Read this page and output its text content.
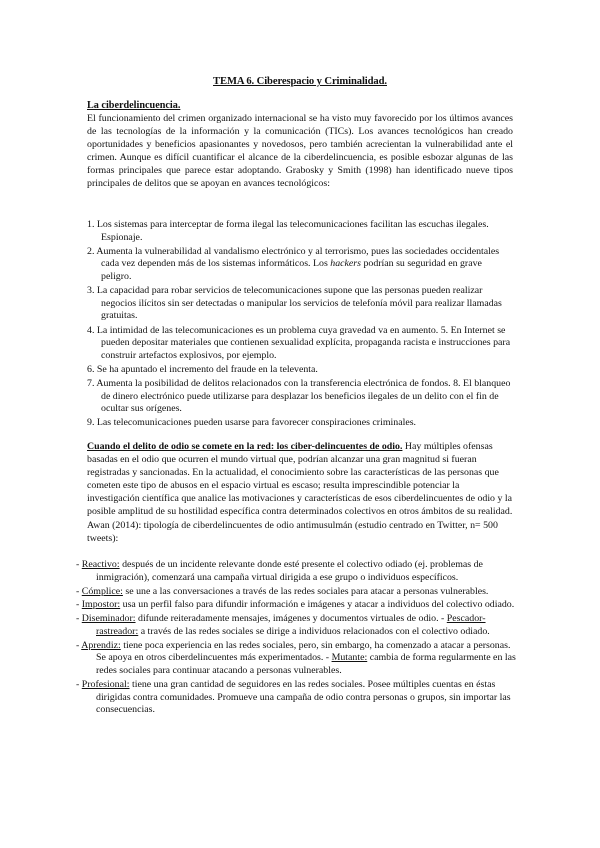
TEMA 6. Ciberespacio y Criminalidad.
La ciberdelincuencia.
El funcionamiento del crimen organizado internacional se ha visto muy favorecido por los últimos avances de las tecnologías de la información y la comunicación (TICs). Los avances tecnológicos han creado oportunidades y beneficios apasionantes y novedosos, pero también acrecientan la vulnerabilidad ante el crimen. Aunque es difícil cuantificar el alcance de la ciberdelincuencia, es posible esbozar algunas de las formas principales que parece estar adoptando. Grabosky y Smith (1998) han identificado nueve tipos principales de delitos que se apoyan en avances tecnológicos:
1. Los sistemas para interceptar de forma ilegal las telecomunicaciones facilitan las escuchas ilegales. Espionaje.
2. Aumenta la vulnerabilidad al vandalismo electrónico y al terrorismo, pues las sociedades occidentales cada vez dependen más de los sistemas informáticos. Los hackers podrían su seguridad en grave peligro.
3. La capacidad para robar servicios de telecomunicaciones supone que las personas pueden realizar negocios ilícitos sin ser detectadas o manipular los servicios de telefonía móvil para realizar llamadas gratuitas.
4. La intimidad de las telecomunicaciones es un problema cuya gravedad va en aumento. 5. En Internet se pueden depositar materiales que contienen sexualidad explícita, propaganda racista e instrucciones para construir artefactos explosivos, por ejemplo.
6. Se ha apuntado el incremento del fraude en la televenta.
7. Aumenta la posibilidad de delitos relacionados con la transferencia electrónica de fondos. 8. El blanqueo de dinero electrónico puede utilizarse para desplazar los beneficios ilegales de un delito con el fin de ocultar sus orígenes.
9. Las telecomunicaciones pueden usarse para favorecer conspiraciones criminales.
Cuando el delito de odio se comete en la red: los ciber-delincuentes de odio. Hay múltiples ofensas basadas en el odio que ocurren el mundo virtual que, podrían alcanzar una gran magnitud si fueran registradas y sancionadas. En la actualidad, el conocimiento sobre las características de las personas que cometen este tipo de abusos en el espacio virtual es escaso; resulta imprescindible potenciar la investigación científica que analice las motivaciones y características de esos ciberdelincuentes de odio y la posible amplitud de su hostilidad específica contra determinados colectivos en otros ámbitos de su realidad. Awan (2014): tipología de ciberdelincuentes de odio antimusulmán (estudio centrado en Twitter, n= 500 tweets):
- Reactivo: después de un incidente relevante donde esté presente el colectivo odiado (ej. problemas de inmigración), comenzará una campaña virtual dirigida a ese grupo o individuos específicos.
- Cómplice: se une a las conversaciones a través de las redes sociales para atacar a personas vulnerables.
- Impostor: usa un perfil falso para difundir información e imágenes y atacar a individuos del colectivo odiado.
- Diseminador: difunde reiteradamente mensajes, imágenes y documentos virtuales de odio. - Pescador-rastreador: a través de las redes sociales se dirige a individuos relacionados con el colectivo odiado.
- Aprendiz: tiene poca experiencia en las redes sociales, pero, sin embargo, ha comenzado a atacar a personas. Se apoya en otros ciberdelincuentes más experimentados. - Mutante: cambia de forma regularmente en las redes sociales para continuar atacando a personas vulnerables.
- Profesional: tiene una gran cantidad de seguidores en las redes sociales. Posee múltiples cuentas en éstas dirigidas contra comunidades. Promueve una campaña de odio contra personas o grupos, sin importar las consecuencias.
